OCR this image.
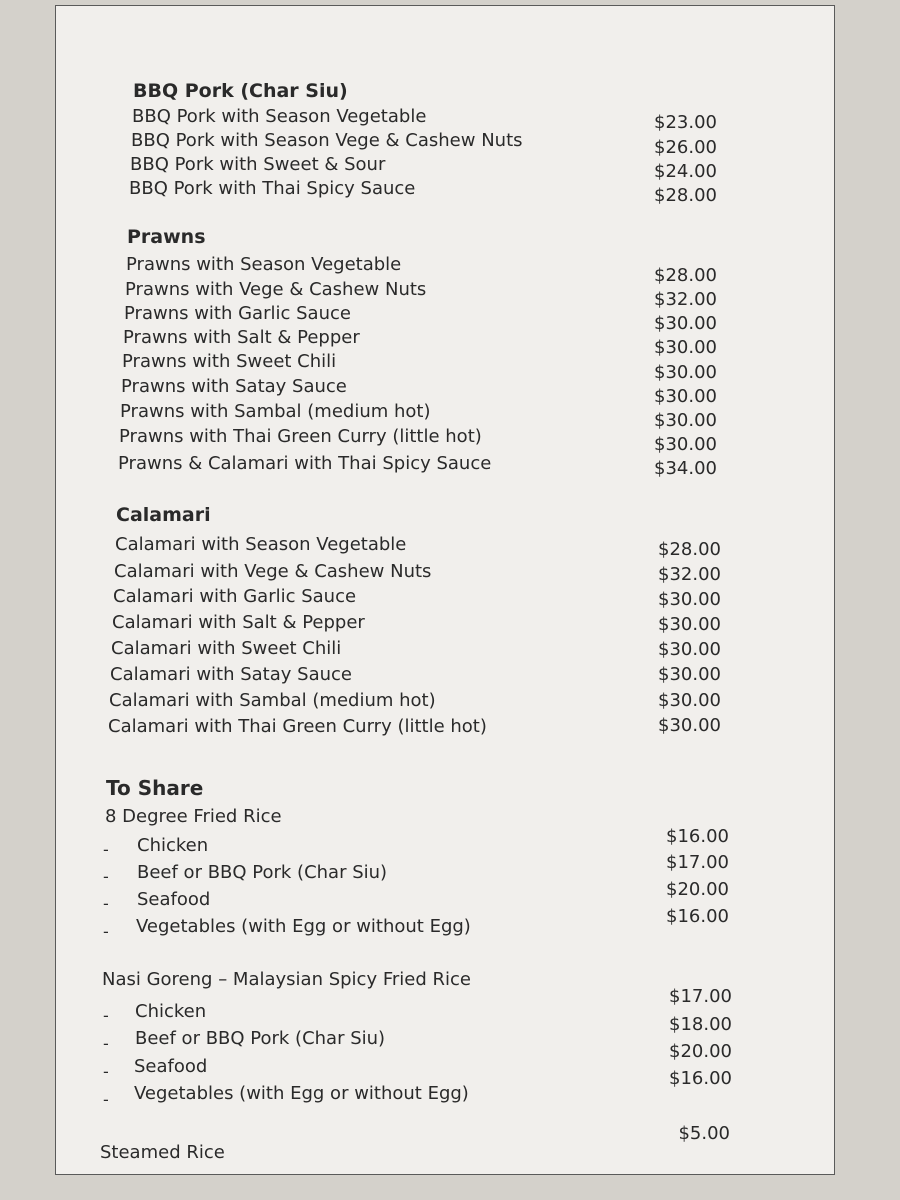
BBQ Pork (Char Siu)
BBQ Pork with Season Vegetable
BBQ Pork with Season Vege & Cashew Nuts
BBQ Pork with Sweet & Sour
BBQ Pork with Thai Spicy Sauce
$23.00
$26.00
$24.00
$28.00
Prawns
Prawns with Season Vegetable
Prawns with Vege & Cashew Nuts
Prawns with Garlic Sauce
Prawns with Salt & Pepper
Prawns with Sweet Chili
Prawns with Satay Sauce
Prawns with Sambal (medium hot)
Prawns with Thai Green Curry (little hot)
Prawns & Calamari with Thai Spicy Sauce
$28.00
$32.00
$30.00
$30.00
$30.00
$30.00
$30.00
$30.00
$34.00
Calamari
Calamari with Season Vegetable
Calamari with Vege & Cashew Nuts
Calamari with Garlic Sauce
Calamari with Salt & Pepper
Calamari with Sweet Chili
Calamari with Satay Sauce
Calamari with Sambal (medium hot)
Calamari with Thai Green Curry (little hot)
$28.00
$32.00
$30.00
$30.00
$30.00
$30.00
$30.00
$30.00
To Share
8 Degree Fried Rice
- Chicken
- Beef or BBQ Pork (Char Siu)
- Seafood
- Vegetables (with Egg or without Egg)
$16.00
$17.00
$20.00
$16.00
Nasi Goreng – Malaysian Spicy Fried Rice
- Chicken
- Beef or BBQ Pork (Char Siu)
- Seafood
- Vegetables (with Egg or without Egg)
$17.00
$18.00
$20.00
$16.00
Steamed Rice
$5.00
